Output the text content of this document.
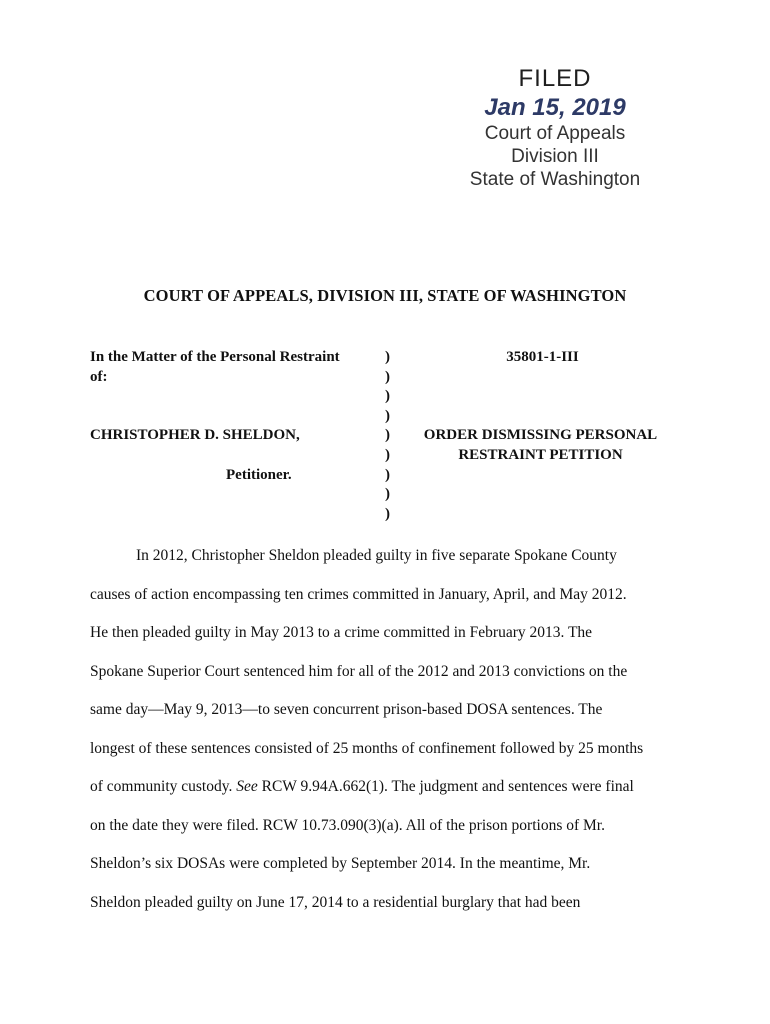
FILED
Jan 15, 2019
Court of Appeals
Division III
State of Washington
COURT OF APPEALS, DIVISION III, STATE OF WASHINGTON

In the Matter of the Personal Restraint
of:

CHRISTOPHER D. SHELDON,

Petitioner.

)
)
)
)
)
)
)
)
)
35801-1-III
ORDER DISMISSING PERSONAL
RESTRAINT PETITION

In 2012, Christopher Sheldon pleaded guilty in five separate Spokane County
causes of action encompassing ten crimes committed in January, April, and May 2012.
He then pleaded guilty in May 2013 to a crime committed in February 2013. The
Spokane Superior Court sentenced him for all of the 2012 and 2013 convictions on the
same day—May 9, 2013—to seven concurrent prison-based DOSA sentences. The
longest of these sentences consisted of 25 months of confinement followed by 25 months
of community custody. See RCW 9.94A.662(1). The judgment and sentences were final
on the date they were filed. RCW 10.73.090(3)(a). All of the prison portions of Mr.
Sheldon’s six DOSAs were completed by September 2014. In the meantime, Mr.
Sheldon pleaded guilty on June 17, 2014 to a residential burglary that had been
